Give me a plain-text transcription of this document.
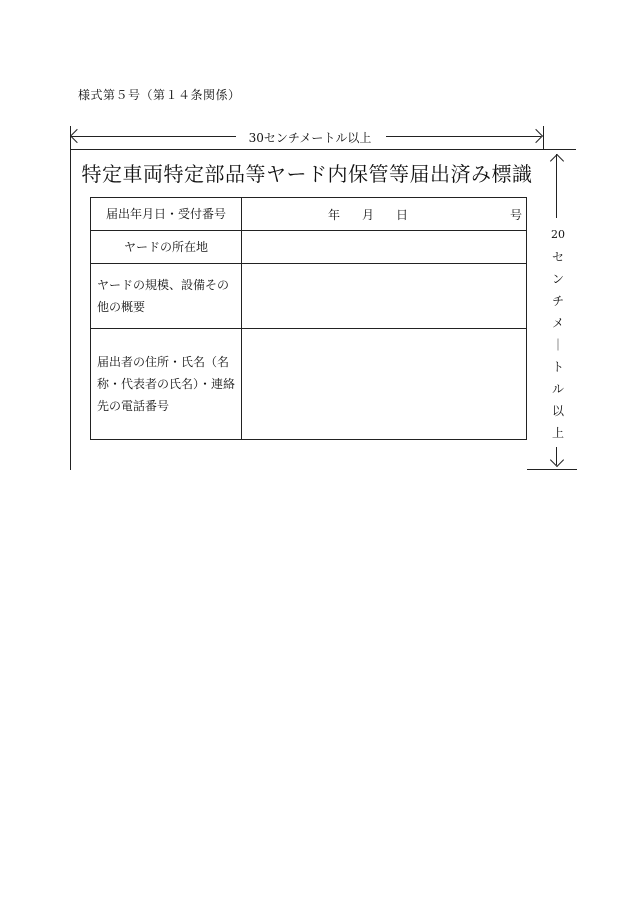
様式第５号（第１４条関係）
30センチメートル以上
20
セ
ン
チ
メ
｜
ト
ル
以
上
特定車両特定部品等ヤード内保管等届出済み標識
届出年月日・受付番号	年 月 日 号

ヤードの所在地	
ヤードの規模、設備その他の概要	
届出者の住所・氏名（名称・代表者の氏名）・連絡先の電話番号	
